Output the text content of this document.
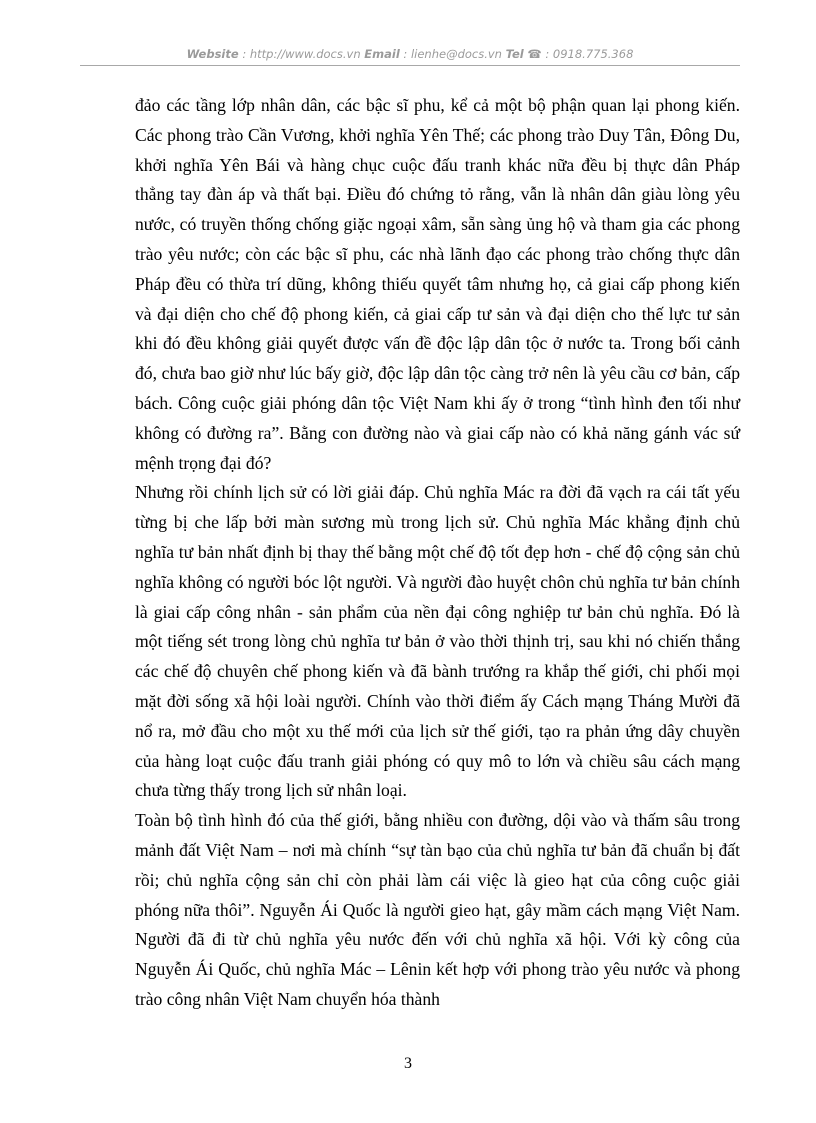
Website : http://www.docs.vn Email : lienhe@docs.vn Tel ☎ : 0918.775.368

đảo các tầng lớp nhân dân, các bậc sĩ phu, kể cả một bộ phận quan lại phong kiến. Các phong trào Cần Vương, khởi nghĩa Yên Thế; các phong trào Duy Tân, Đông Du, khởi nghĩa Yên Bái và hàng chục cuộc đấu tranh khác nữa đều bị thực dân Pháp thẳng tay đàn áp và thất bại. Điều đó chứng tỏ rằng, vẫn là nhân dân giàu lòng yêu nước, có truyền thống chống giặc ngoại xâm, sẵn sàng ủng hộ và tham gia các phong trào yêu nước; còn các bậc sĩ phu, các nhà lãnh đạo các phong trào chống thực dân Pháp đều có thừa trí dũng, không thiếu quyết tâm nhưng họ, cả giai cấp phong kiến và đại diện cho chế độ phong kiến, cả giai cấp tư sản và đại diện cho thế lực tư sản khi đó đều không giải quyết được vấn đề độc lập dân tộc ở nước ta. Trong bối cảnh đó, chưa bao giờ như lúc bấy giờ, độc lập dân tộc càng trở nên là yêu cầu cơ bản, cấp bách. Công cuộc giải phóng dân tộc Việt Nam khi ấy ở trong “tình hình đen tối như không có đường ra”. Bằng con đường nào và giai cấp nào có khả năng gánh vác sứ mệnh trọng đại đó?

Nhưng rồi chính lịch sử có lời giải đáp. Chủ nghĩa Mác ra đời đã vạch ra cái tất yếu từng bị che lấp bởi màn sương mù trong lịch sử. Chủ nghĩa Mác khẳng định chủ nghĩa tư bản nhất định bị thay thế bằng một chế độ tốt đẹp hơn - chế độ cộng sản chủ nghĩa không có người bóc lột người. Và người đào huyệt chôn chủ nghĩa tư bản chính là giai cấp công nhân - sản phẩm của nền đại công nghiệp tư bản chủ nghĩa. Đó là một tiếng sét trong lòng chủ nghĩa tư bản ở vào thời thịnh trị, sau khi nó chiến thắng các chế độ chuyên chế phong kiến và đã bành trướng ra khắp thế giới, chi phối mọi mặt đời sống xã hội loài người. Chính vào thời điểm ấy Cách mạng Tháng Mười đã nổ ra, mở đầu cho một xu thế mới của lịch sử thế giới, tạo ra phản ứng dây chuyền của hàng loạt cuộc đấu tranh giải phóng có quy mô to lớn và chiều sâu cách mạng chưa từng thấy trong lịch sử nhân loại.

Toàn bộ tình hình đó của thế giới, bằng nhiều con đường, dội vào và thấm sâu trong mảnh đất Việt Nam – nơi mà chính “sự tàn bạo của chủ nghĩa tư bản đã chuẩn bị đất rồi; chủ nghĩa cộng sản chỉ còn phải làm cái việc là gieo hạt của công cuộc giải phóng nữa thôi”. Nguyễn Ái Quốc là người gieo hạt, gây mầm cách mạng Việt Nam. Người đã đi từ chủ nghĩa yêu nước đến với chủ nghĩa xã hội. Với kỳ công của Nguyễn Ái Quốc, chủ nghĩa Mác – Lênin kết hợp với phong trào yêu nước và phong trào công nhân Việt Nam chuyển hóa thành

3
